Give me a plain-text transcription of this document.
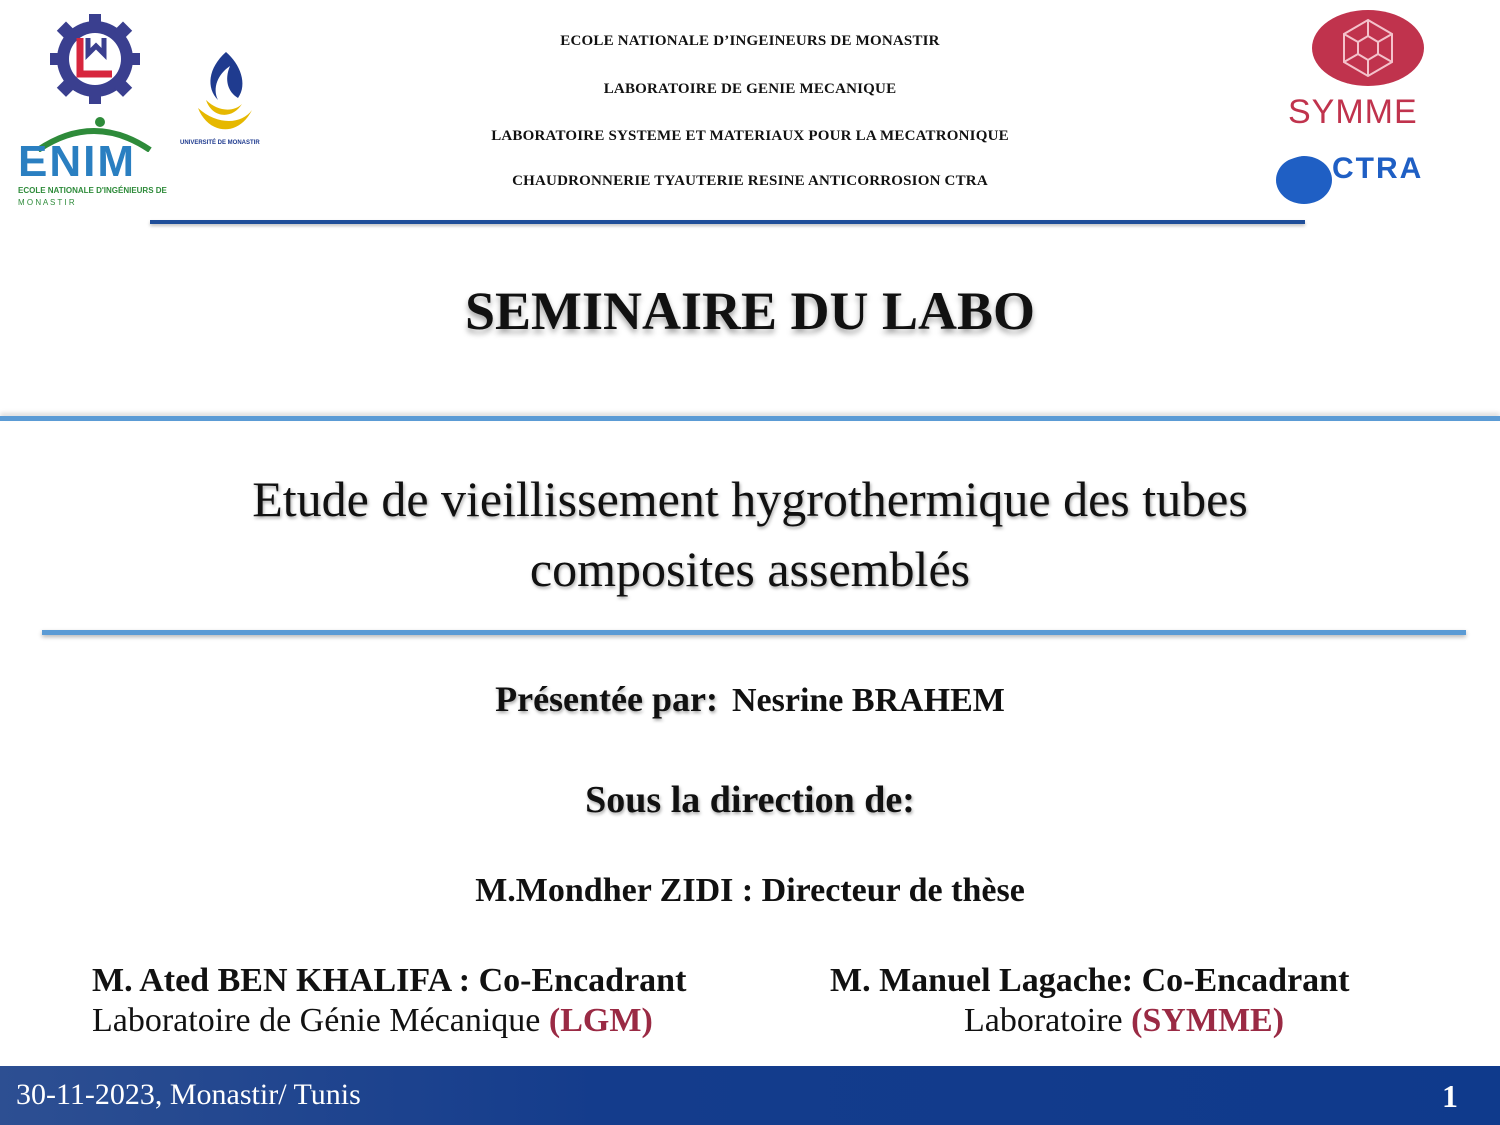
ENIM
ECOLE NATIONALE D'INGÉNIEURS DE
M O N A S T I R
UNIVERSITÉ DE MONASTIR
ECOLE NATIONALE D’INGEINEURS DE MONASTIR
LABORATOIRE DE GENIE MECANIQUE
LABORATOIRE SYSTEME ET MATERIAUX POUR LA MECATRONIQUE
CHAUDRONNERIE TYAUTERIE RESINE ANTICORROSION CTRA
SYMME
CTRA
SEMINAIRE DU LABO
Etude de vieillissement hygrothermique des tubes
composites assemblés
Présentée par: Nesrine BRAHEM
Sous la direction de:
M.Mondher ZIDI : Directeur de thèse
M. Ated BEN KHALIFA : Co-Encadrant
Laboratoire de Génie Mécanique (LGM)
M. Manuel Lagache: Co-Encadrant
Laboratoire (SYMME)
30-11-2023, Monastir/ Tunis	1
